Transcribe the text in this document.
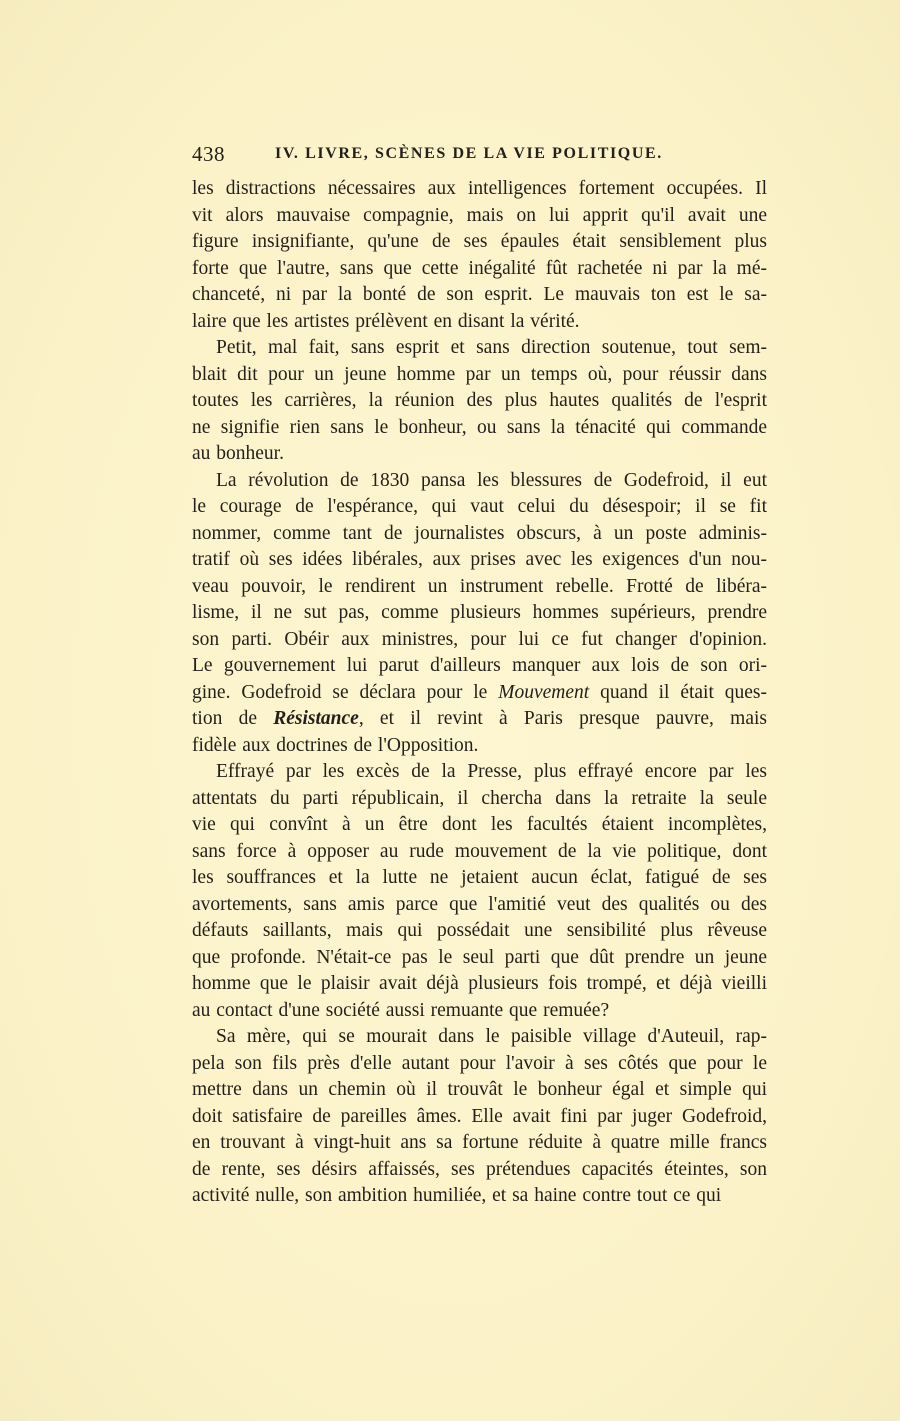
438	IV. LIVRE, SCÈNES DE LA VIE POLITIQUE.
les distractions nécessaires aux intelligences fortement occupées. Il
vit alors mauvaise compagnie, mais on lui apprit qu'il avait une
figure insignifiante, qu'une de ses épaules était sensiblement plus
forte que l'autre, sans que cette inégalité fût rachetée ni par la mé-
chanceté, ni par la bonté de son esprit. Le mauvais ton est le sa-
laire que les artistes prélèvent en disant la vérité.
Petit, mal fait, sans esprit et sans direction soutenue, tout sem-
blait dit pour un jeune homme par un temps où, pour réussir dans
toutes les carrières, la réunion des plus hautes qualités de l'esprit
ne signifie rien sans le bonheur, ou sans la ténacité qui commande
au bonheur.
La révolution de 1830 pansa les blessures de Godefroid, il eut
le courage de l'espérance, qui vaut celui du désespoir; il se fit
nommer, comme tant de journalistes obscurs, à un poste adminis-
tratif où ses idées libérales, aux prises avec les exigences d'un nou-
veau pouvoir, le rendirent un instrument rebelle. Frotté de libéra-
lisme, il ne sut pas, comme plusieurs hommes supérieurs, prendre
son parti. Obéir aux ministres, pour lui ce fut changer d'opinion.
Le gouvernement lui parut d'ailleurs manquer aux lois de son ori-
gine. Godefroid se déclara pour le Mouvement quand il était ques-
tion de Résistance, et il revint à Paris presque pauvre, mais
fidèle aux doctrines de l'Opposition.
Effrayé par les excès de la Presse, plus effrayé encore par les
attentats du parti républicain, il chercha dans la retraite la seule
vie qui convînt à un être dont les facultés étaient incomplètes,
sans force à opposer au rude mouvement de la vie politique, dont
les souffrances et la lutte ne jetaient aucun éclat, fatigué de ses
avortements, sans amis parce que l'amitié veut des qualités ou des
défauts saillants, mais qui possédait une sensibilité plus rêveuse
que profonde. N'était-ce pas le seul parti que dût prendre un jeune
homme que le plaisir avait déjà plusieurs fois trompé, et déjà vieilli
au contact d'une société aussi remuante que remuée?
Sa mère, qui se mourait dans le paisible village d'Auteuil, rap-
pela son fils près d'elle autant pour l'avoir à ses côtés que pour le
mettre dans un chemin où il trouvât le bonheur égal et simple qui
doit satisfaire de pareilles âmes. Elle avait fini par juger Godefroid,
en trouvant à vingt-huit ans sa fortune réduite à quatre mille francs
de rente, ses désirs affaissés, ses prétendues capacités éteintes, son
activité nulle, son ambition humiliée, et sa haine contre tout ce qui
